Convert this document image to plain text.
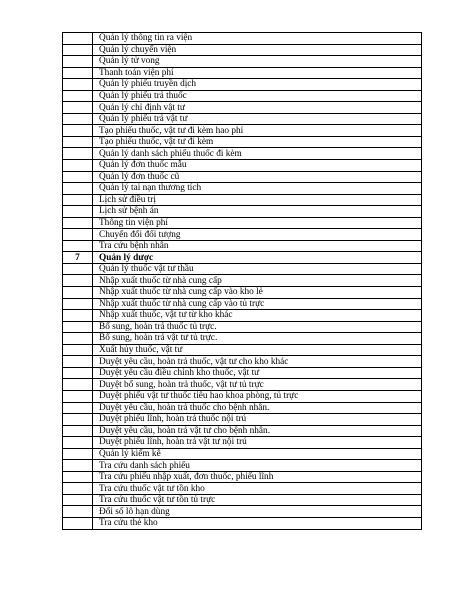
	Quản lý thông tin ra viện
	Quản lý chuyển viện
	Quản lý tử vong
	Thanh toán viện phí
	Quản lý phiếu truyền dịch
	Quản lý phiếu trả thuốc
	Quản lý chỉ định vật tư
	Quản lý phiếu trả vật tư
	Tạo phiếu thuốc, vật tư đi kèm hao phí
	Tạo phiếu thuốc, vật tư đi kèm
	Quản lý danh sách phiếu thuốc đi kèm
	Quản lý đơn thuốc mẫu
	Quản lý đơn thuốc cũ
	Quản lý tai nạn thương tích
	Lịch sử điều trị
	Lịch sử bệnh án
	Thông tin viện phí
	Chuyển đổi đối tượng
	Tra cứu bệnh nhân
7	Quản lý dược
	Quản lý thuốc vật tư thầu
	Nhập xuất thuốc từ nhà cung cấp
	Nhập xuất thuốc từ nhà cung cấp vào kho lẻ
	Nhập xuất thuốc từ nhà cung cấp vào tủ trực
	Nhập xuất thuốc, vật tư từ kho khác
	Bổ sung, hoàn trả thuốc tủ trực.
	Bổ sung, hoàn trả vật tư tủ trực.
	Xuất hủy thuốc, vật tư
	Duyệt yêu cầu, hoàn trả thuốc, vật tư cho kho khác
	Duyệt yêu cầu điều chỉnh kho thuốc, vật tư
	Duyệt bổ sung, hoàn trả thuốc, vật tư tủ trực
	Duyệt phiếu vật tư thuốc tiêu hao khoa phòng, tủ trực
	Duyệt yêu cầu, hoàn trả thuốc cho bệnh nhân.
	Duyệt phiếu lĩnh, hoàn trả thuốc nội trú
	Duyệt yêu cầu, hoàn trả vật tư cho bệnh nhân.
	Duyệt phiếu lĩnh, hoàn trả vật tư nội trú
	Quản lý kiểm kê
	Tra cứu danh sách phiếu
	Tra cứu phiếu nhập xuất, đơn thuốc, phiếu lĩnh
	Tra cứu thuốc vật tư tồn kho
	Tra cứu thuốc vật tư tồn tủ trực
	Đổi số lô hạn dùng
	Tra cứu thẻ kho
